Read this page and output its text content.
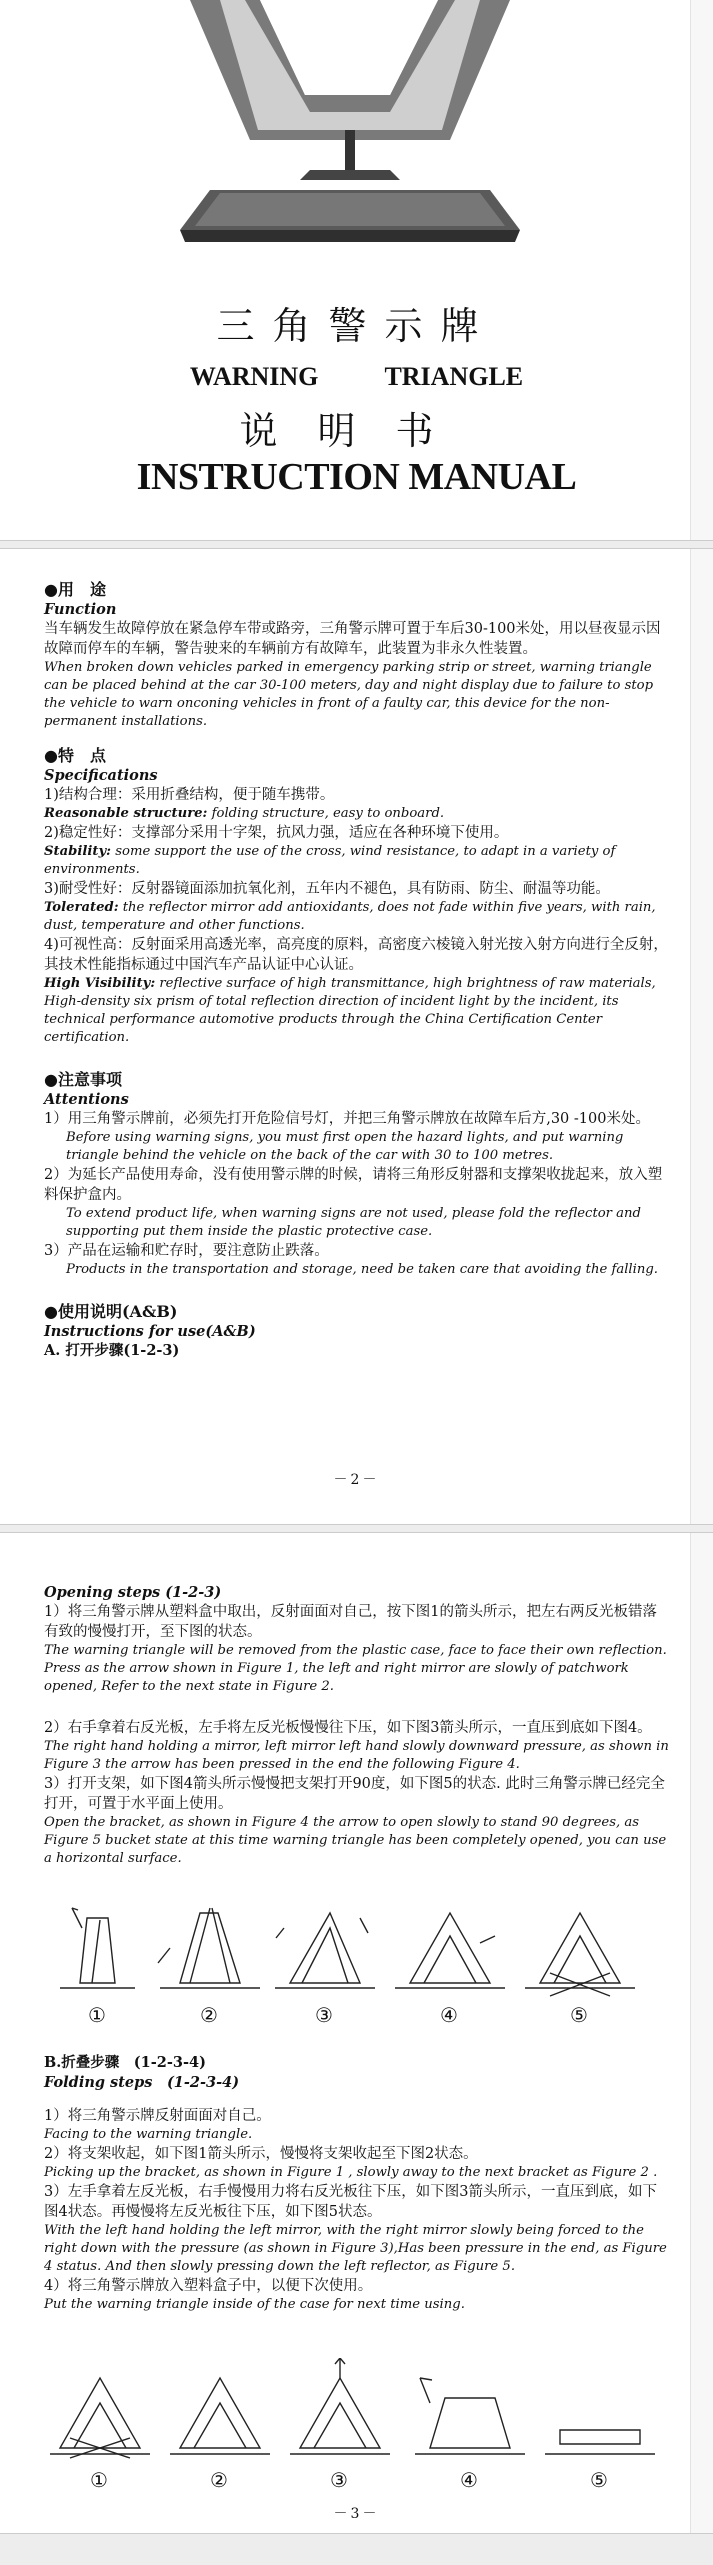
三角警示牌
WARNING TRIANGLE
说明书
INSTRUCTION MANUAL
●用　途
Function
当车辆发生故障停放在紧急停车带或路旁，三角警示牌可置于车后30-100米处，用以昼夜显示因故障而停车的车辆，警告驶来的车辆前方有故障车，此装置为非永久性装置。
When broken down vehicles parked in emergency parking strip or street, warning triangle can be placed behind at the car 30-100 meters, day and night display due to failure to stop the vehicle to warn onconing vehicles in front of a faulty car, this device for the non-permanent installations.
●特　点
Specifications
1)结构合理：采用折叠结构，便于随车携带。
Reasonable structure: folding structure, easy to onboard.
2)稳定性好：支撑部分采用十字架，抗风力强，适应在各种环境下使用。
Stability: some support the use of the cross, wind resistance, to adapt in a variety of environments.
3)耐受性好：反射器镜面添加抗氧化剂，五年内不褪色，具有防雨、防尘、耐温等功能。
Tolerated: the reflector mirror add antioxidants, does not fade within five years, with rain, dust, temperature and other functions.
4)可视性高：反射面采用高透光率，高亮度的原料，高密度六棱镜入射光按入射方向进行全反射，其技术性能指标通过中国汽车产品认证中心认证。
High Visibility: reflective surface of high transmittance, high brightness of raw materials, High-density six prism of total reflection direction of incident light by the incident, its technical performance automotive products through the China Certification Center certification.
●注意事项
Attentions
1）用三角警示牌前，必须先打开危险信号灯，并把三角警示牌放在故障车后方,30 -100米处。
Before using warning signs, you must first open the hazard lights, and put warning triangle behind the vehicle on the back of the car with 30 to 100 metres.
2）为延长产品使用寿命，没有使用警示牌的时候，请将三角形反射器和支撑架收拢起来，放入塑料保护盒内。
To extend product life, when warning signs are not used, please fold the reflector and supporting put them inside the plastic protective case.
3）产品在运输和贮存时，要注意防止跌落。
Products in the transportation and storage, need be taken care that avoiding the falling.
●使用说明(A&B)
Instructions for use(A&B)
A. 打开步骤(1-2-3)
－2－
Opening steps (1-2-3)
1）将三角警示牌从塑料盒中取出，反射面面对自己，按下图1的箭头所示，把左右两反光板错落有致的慢慢打开，至下图的状态。
The warning triangle will be removed from the plastic case, face to face their own reflection. Press as the arrow shown in Figure 1, the left and right mirror are slowly of patchwork opened, Refer to the next state in Figure 2.
2）右手拿着右反光板，左手将左反光板慢慢往下压，如下图3箭头所示，一直压到底如下图4。
The right hand holding a mirror, left mirror left hand slowly downward pressure, as shown in Figure 3 the arrow has been pressed in the end the following Figure 4.
3）打开支架，如下图4箭头所示慢慢把支架打开90度，如下图5的状态. 此时三角警示牌已经完全打开，可置于水平面上使用。
Open the bracket, as shown in Figure 4 the arrow to open slowly to stand 90 degrees, as Figure 5 bucket state at this time warning triangle has been completely opened, you can use a horizontal surface.
①	②	③	④	⑤
B.折叠步骤　(1-2-3-4)
Folding steps　(1-2-3-4)
1）将三角警示牌反射面面对自己。
Facing to the warning triangle.
2）将支架收起，如下图1箭头所示，慢慢将支架收起至下图2状态。
Picking up the bracket, as shown in Figure 1 , slowly away to the next bracket as Figure 2 .
3）左手拿着左反光板，右手慢慢用力将右反光板往下压，如下图3箭头所示，一直压到底，如下图4状态。再慢慢将左反光板往下压，如下图5状态。
With the left hand holding the left mirror, with the right mirror slowly being forced to the right down with the pressure (as shown in Figure 3),Has been pressure in the end, as Figure 4 status. And then slowly pressing down the left reflector, as Figure 5.
4）将三角警示牌放入塑料盒子中，以便下次使用。
Put the warning triangle inside of the case for next time using.
①	②	③	④	⑤
－3－
